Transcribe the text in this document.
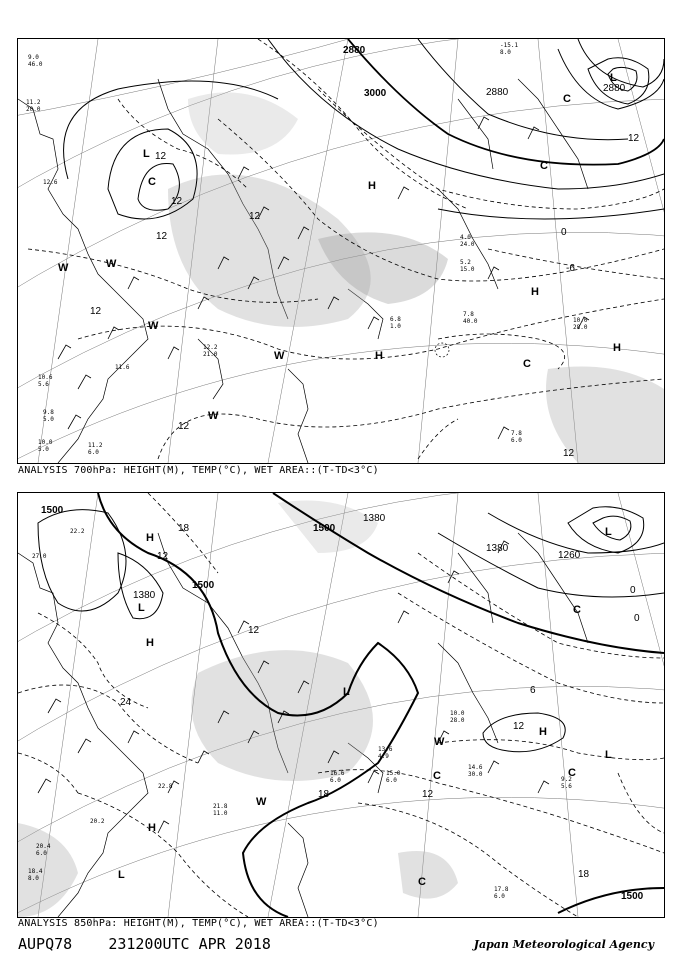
L
L
C
C
C
C
W	W
W
W
W
H
H
H
H
2880
3000	2880	2880
12
12
12
12
12
0
-6
12
12
12
9.0 46.0
11.2 20.0
12.6
10.6 5.6
9.8 5.0
10.0 5.0
11.2 6.0
7.8 40.0	10.0 28.0
7.8 6.0
5.2 15.0
4.0 24.0
-15.1 8.0
12.2 21.0
11.6
6.8 1.0
ANALYSIS 700hPa: HEIGHT(M), TEMP(°C), WET AREA::(T-TD<3°C)
L
L
L
L
L
H
H
H
H
C
C	C
C
W
W
1500
1500
1500
1380
1380
1260
1500
1380
18
12
24
18	12
12
18
6
0
12
0
27.0
22.2
20.4 6.0
20.2
18.4 8.0
21.8 11.0
22.8
14.6 30.0
15.0 6.0
16.6 6.0	9.2 5.6
17.8 6.0
13.6 4.9
10.0 28.0
ANALYSIS 850hPa: HEIGHT(M), TEMP(°C), WET AREA::(T-TD<3°C)
AUPQ78 231200UTC APR 2018	Japan Meteorological Agency
